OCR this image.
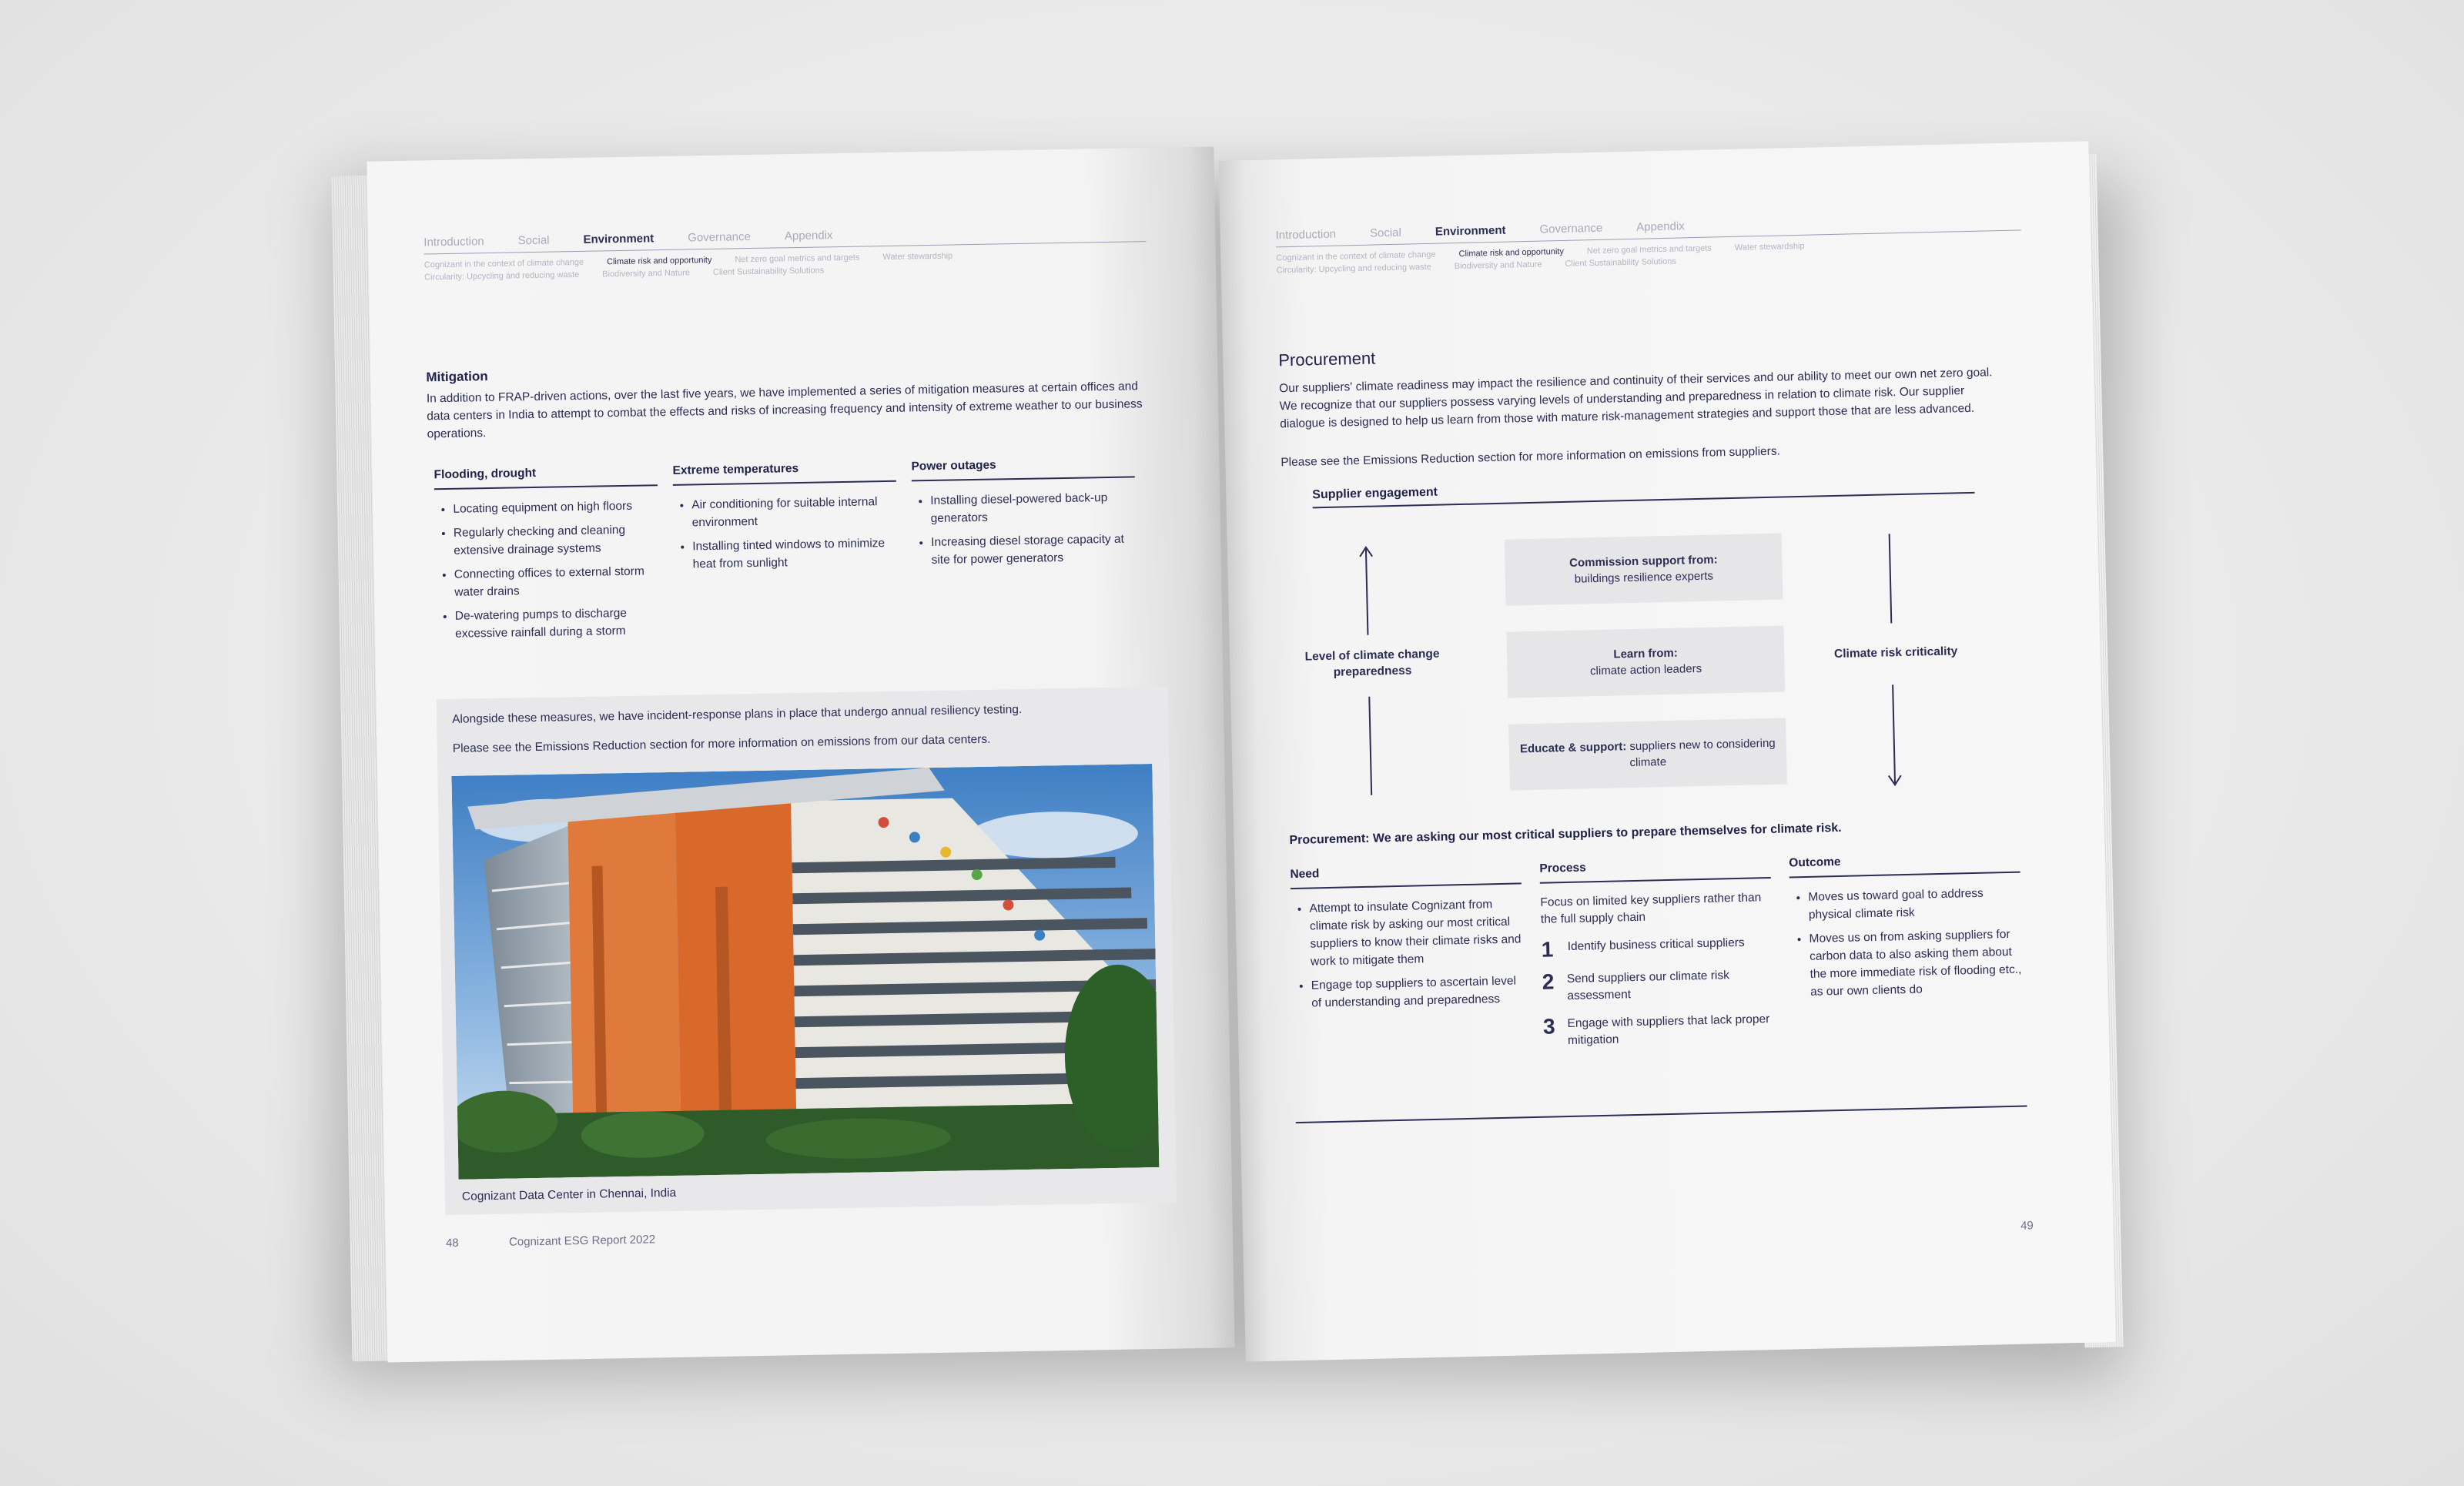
Introduction	Social	Environment	Governance	Appendix
Cognizant in the context of climate change	Climate risk and opportunity	Net zero goal metrics and targets	Water stewardship
Circularity: Upcycling and reducing waste	Biodiversity and Nature	Client Sustainability Solutions
Mitigation
In addition to FRAP-driven actions, over the last five years, we have implemented a series of mitigation measures at certain offices and data centers in India to attempt to combat the effects and risks of increasing frequency and intensity of extreme weather to our business operations.
Flooding, drought
• Locating equipment on high floors
• Regularly checking and cleaning extensive drainage systems
• Connecting offices to external storm water drains
• De-watering pumps to discharge excessive rainfall during a storm
Extreme temperatures
• Air conditioning for suitable internal environment
• Installing tinted windows to minimize heat from sunlight
Power outages
• Installing diesel-powered back-up generators
• Increasing diesel storage capacity at site for power generators

Alongside these measures, we have incident-response plans in place that undergo annual resiliency testing.

Please see the Emissions Reduction section for more information on emissions from our data centers.

Cognizant Data Center in Chennai, India
48	Cognizant ESG Report 2022
Introduction	Social	Environment	Governance	Appendix
Cognizant in the context of climate change	Climate risk and opportunity	Net zero goal metrics and targets	Water stewardship
Circularity: Upcycling and reducing waste	Biodiversity and Nature	Client Sustainability Solutions
Procurement
Our suppliers' climate readiness may impact the resilience and continuity of their services and our ability to meet our own net zero goal. We recognize that our suppliers possess varying levels of understanding and preparedness in relation to climate risk. Our supplier dialogue is designed to help us learn from those with mature risk-management strategies and support those that are less advanced.
Please see the Emissions Reduction section for more information on emissions from suppliers.
Supplier engagement
Level of climate change preparedness
Climate risk criticality
Commission support from:
buildings resilience experts
Learn from:
climate action leaders
Educate & support: suppliers new to considering climate
Procurement: We are asking our most critical suppliers to prepare themselves for climate risk.
Need
• Attempt to insulate Cognizant from climate risk by asking our most critical suppliers to know their climate risks and work to mitigate them
• Engage top suppliers to ascertain level of understanding and preparedness
Process
Focus on limited key suppliers rather than the full supply chain
1 Identify business critical suppliers
2 Send suppliers our climate risk assessment
3 Engage with suppliers that lack proper mitigation
Outcome
• Moves us toward goal to address physical climate risk
• Moves us on from asking suppliers for carbon data to also asking them about the more immediate risk of flooding etc., as our own clients do
49
